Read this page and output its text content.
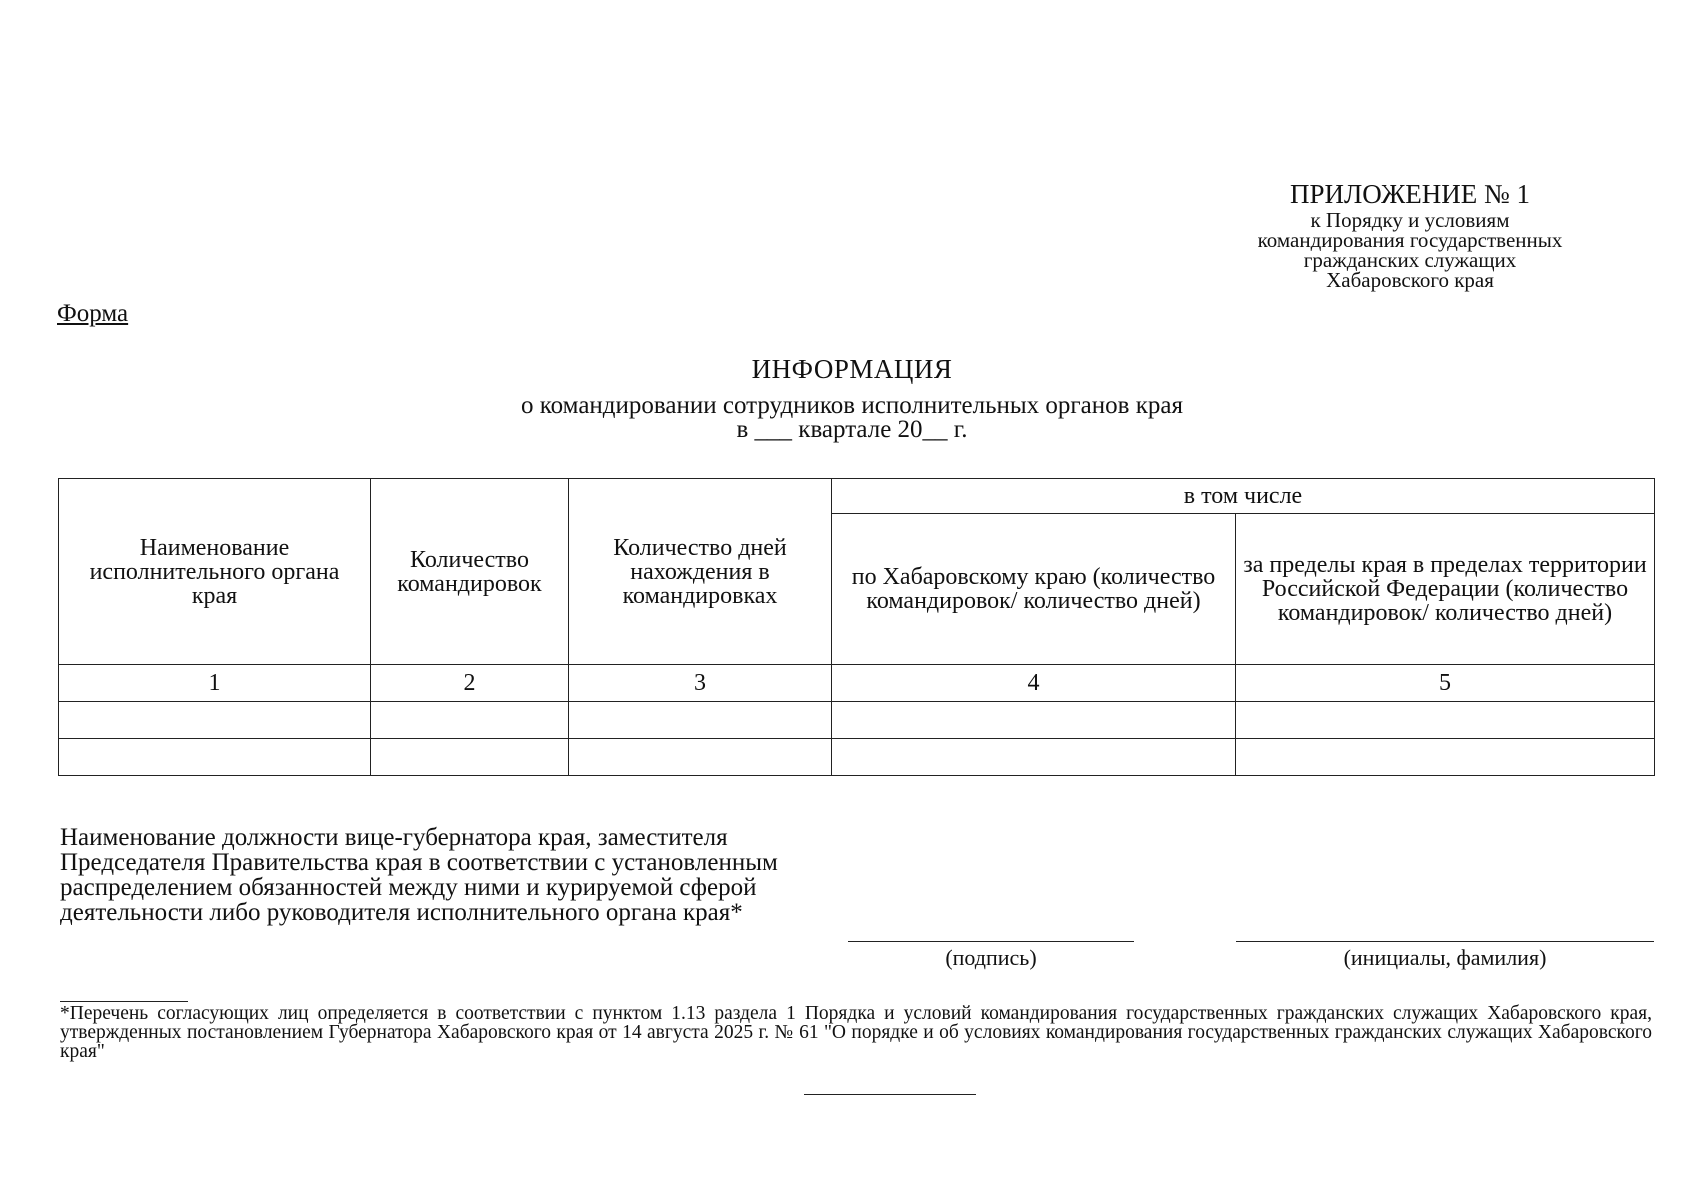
ПРИЛОЖЕНИЕ № 1
к Порядку и условиям
командирования государственных
гражданских служащих
Хабаровского края
Форма
ИНФОРМАЦИЯ
о командировании сотрудников исполнительных органов края
в ___ квартале 20__ г.
Наименование исполнительного органа края	Количество командировок	Количество дней нахождения в командировках	в том числе	
			по Хабаровскому краю (количество командировок/ количество дней)	за пределы края в пределах территории Российской Федерации (количество командировок/ количество дней)
1	2	3	4	5

Наименование должности вице-губернатора края, заместителя Председателя Правительства края в соответствии с установленным распределением обязанностей между ними и курируемой сферой деятельности либо руководителя исполнительного органа края*
(подпись)	(инициалы, фамилия)
*Перечень согласующих лиц определяется в соответствии с пунктом 1.13 раздела 1 Порядка и условий командирования государственных гражданских служащих Хабаровского края, утвержденных постановлением Губернатора Хабаровского края от 14 августа 2025 г. № 61 "О порядке и об условиях командирования государственных гражданских служащих Хабаровского края"
